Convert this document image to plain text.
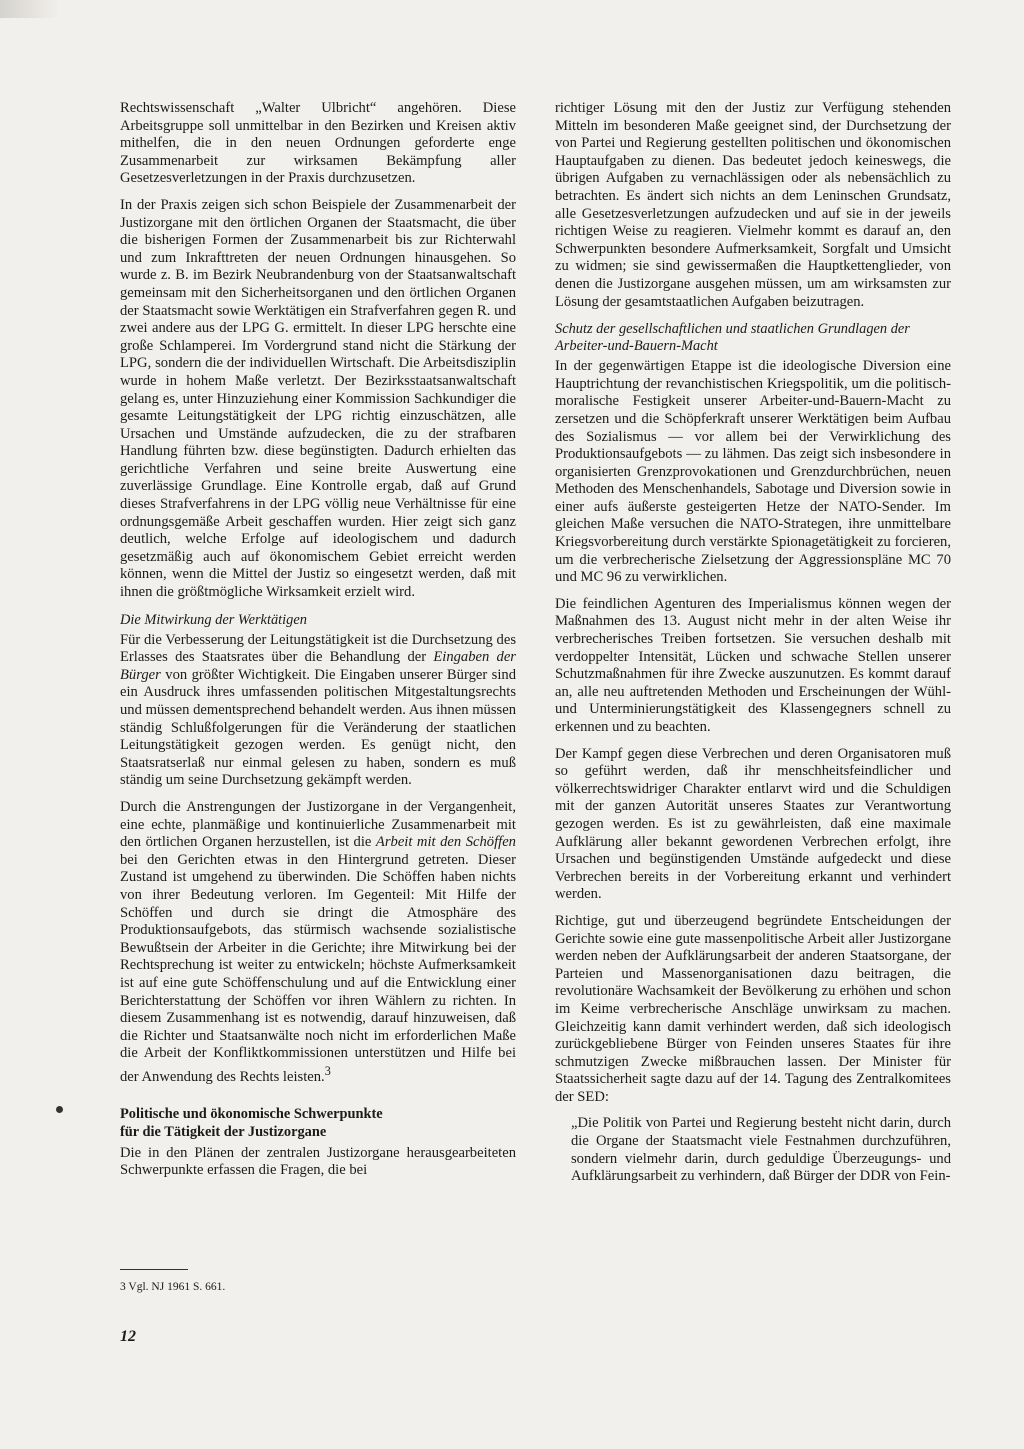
Rechtswissenschaft „Walter Ulbricht“ angehören. Diese Arbeitsgruppe soll unmittelbar in den Bezirken und Kreisen aktiv mithelfen, die in den neuen Ordnungen geforderte enge Zusammenarbeit zur wirksamen Bekämpfung aller Gesetzesverletzungen in der Praxis durchzusetzen.

In der Praxis zeigen sich schon Beispiele der Zusammenarbeit der Justizorgane mit den örtlichen Organen der Staatsmacht, die über die bisherigen Formen der Zusammenarbeit bis zur Richterwahl und zum Inkrafttreten der neuen Ordnungen hinausgehen. So wurde z. B. im Bezirk Neubrandenburg von der Staatsanwaltschaft gemeinsam mit den Sicherheitsorganen und den örtlichen Organen der Staatsmacht sowie Werktätigen ein Strafverfahren gegen R. und zwei andere aus der LPG G. ermittelt. In dieser LPG herschte eine große Schlamperei. Im Vordergrund stand nicht die Stärkung der LPG, sondern die der individuellen Wirtschaft. Die Arbeitsdisziplin wurde in hohem Maße verletzt. Der Bezirksstaatsanwaltschaft gelang es, unter Hinzuziehung einer Kommission Sachkundiger die gesamte Leitungstätigkeit der LPG richtig einzuschätzen, alle Ursachen und Umstände aufzudecken, die zu der strafbaren Handlung führten bzw. diese begünstigten. Dadurch erhielten das gerichtliche Verfahren und seine breite Auswertung eine zuverlässige Grundlage. Eine Kontrolle ergab, daß auf Grund dieses Strafverfahrens in der LPG völlig neue Verhältnisse für eine ordnungsgemäße Arbeit geschaffen wurden. Hier zeigt sich ganz deutlich, welche Erfolge auf ideologischem und dadurch gesetzmäßig auch auf ökonomischem Gebiet erreicht werden können, wenn die Mittel der Justiz so eingesetzt werden, daß mit ihnen die größtmögliche Wirksamkeit erzielt wird.

Die Mitwirkung der Werktätigen

Für die Verbesserung der Leitungstätigkeit ist die Durchsetzung des Erlasses des Staatsrates über die Behandlung der Eingaben der Bürger von größter Wichtigkeit. Die Eingaben unserer Bürger sind ein Ausdruck ihres umfassenden politischen Mitgestaltungsrechts und müssen dementsprechend behandelt werden. Aus ihnen müssen ständig Schlußfolgerungen für die Veränderung der staatlichen Leitungstätigkeit gezogen werden. Es genügt nicht, den Staatsratserlaß nur einmal gelesen zu haben, sondern es muß ständig um seine Durchsetzung gekämpft werden.

Durch die Anstrengungen der Justizorgane in der Vergangenheit, eine echte, planmäßige und kontinuierliche Zusammenarbeit mit den örtlichen Organen herzustellen, ist die Arbeit mit den Schöffen bei den Gerichten etwas in den Hintergrund getreten. Dieser Zustand ist umgehend zu überwinden. Die Schöffen haben nichts von ihrer Bedeutung verloren. Im Gegenteil: Mit Hilfe der Schöffen und durch sie dringt die Atmosphäre des Produktionsaufgebots, das stürmisch wachsende sozialistische Bewußtsein der Arbeiter in die Gerichte; ihre Mitwirkung bei der Rechtsprechung ist weiter zu entwickeln; höchste Aufmerksamkeit ist auf eine gute Schöffenschulung und auf die Entwicklung einer Berichterstattung der Schöffen vor ihren Wählern zu richten. In diesem Zusammenhang ist es notwendig, darauf hinzuweisen, daß die Richter und Staatsanwälte noch nicht im erforderlichen Maße die Arbeit der Konfliktkommissionen unterstützen und Hilfe bei der Anwendung des Rechts leisten.$^3$

Politische und ökonomische Schwerpunkte
für die Tätigkeit der Justizorgane

Die in den Plänen der zentralen Justizorgane herausgearbeiteten Schwerpunkte erfassen die Fragen, die bei

richtiger Lösung mit den der Justiz zur Verfügung stehenden Mitteln im besonderen Maße geeignet sind, der Durchsetzung der von Partei und Regierung gestellten politischen und ökonomischen Hauptaufgaben zu dienen. Das bedeutet jedoch keineswegs, die übrigen Aufgaben zu vernachlässigen oder als nebensächlich zu betrachten. Es ändert sich nichts an dem Leninschen Grundsatz, alle Gesetzesverletzungen aufzudecken und auf sie in der jeweils richtigen Weise zu reagieren. Vielmehr kommt es darauf an, den Schwerpunkten besondere Aufmerksamkeit, Sorgfalt und Umsicht zu widmen; sie sind gewissermaßen die Hauptkettenglieder, von denen die Justizorgane ausgehen müssen, um am wirksamsten zur Lösung der gesamtstaatlichen Aufgaben beizutragen.

Schutz der gesellschaftlichen und staatlichen Grundlagen der Arbeiter-und-Bauern-Macht

In der gegenwärtigen Etappe ist die ideologische Diversion eine Hauptrichtung der revanchistischen Kriegspolitik, um die politisch-moralische Festigkeit unserer Arbeiter-und-Bauern-Macht zu zersetzen und die Schöpferkraft unserer Werktätigen beim Aufbau des Sozialismus — vor allem bei der Verwirklichung des Produktionsaufgebots — zu lähmen. Das zeigt sich insbesondere in organisierten Grenzprovokationen und Grenzdurchbrüchen, neuen Methoden des Menschenhandels, Sabotage und Diversion sowie in einer aufs äußerste gesteigerten Hetze der NATO-Sender. Im gleichen Maße versuchen die NATO-Strategen, ihre unmittelbare Kriegsvorbereitung durch verstärkte Spionagetätigkeit zu forcieren, um die verbrecherische Zielsetzung der Aggressionspläne MC 70 und MC 96 zu verwirklichen.

Die feindlichen Agenturen des Imperialismus können wegen der Maßnahmen des 13. August nicht mehr in der alten Weise ihr verbrecherisches Treiben fortsetzen. Sie versuchen deshalb mit verdoppelter Intensität, Lücken und schwache Stellen unserer Schutzmaßnahmen für ihre Zwecke auszunutzen. Es kommt darauf an, alle neu auftretenden Methoden und Erscheinungen der Wühl- und Unterminierungstätigkeit des Klassengegners schnell zu erkennen und zu beachten.

Der Kampf gegen diese Verbrechen und deren Organisatoren muß so geführt werden, daß ihr menschheitsfeindlicher und völkerrechtswidriger Charakter entlarvt wird und die Schuldigen mit der ganzen Autorität unseres Staates zur Verantwortung gezogen werden. Es ist zu gewährleisten, daß eine maximale Aufklärung aller bekannt gewordenen Verbrechen erfolgt, ihre Ursachen und begünstigenden Umstände aufgedeckt und diese Verbrechen bereits in der Vorbereitung erkannt und verhindert werden.

Richtige, gut und überzeugend begründete Entscheidungen der Gerichte sowie eine gute massenpolitische Arbeit aller Justizorgane werden neben der Aufklärungsarbeit der anderen Staatsorgane, der Parteien und Massenorganisationen dazu beitragen, die revolutionäre Wachsamkeit der Bevölkerung zu erhöhen und schon im Keime verbrecherische Anschläge unwirksam zu machen. Gleichzeitig kann damit verhindert werden, daß sich ideologisch zurückgebliebene Bürger von Feinden unseres Staates für ihre schmutzigen Zwecke mißbrauchen lassen. Der Minister für Staatssicherheit sagte dazu auf der 14. Tagung des Zentralkomitees der SED:

„Die Politik von Partei und Regierung besteht nicht darin, durch die Organe der Staatsmacht viele Festnahmen durchzuführen, sondern vielmehr darin, durch geduldige Überzeugungs- und Aufklärungsarbeit zu verhindern, daß Bürger der DDR von Fein-
3 Vgl. NJ 1961 S. 661.
12
